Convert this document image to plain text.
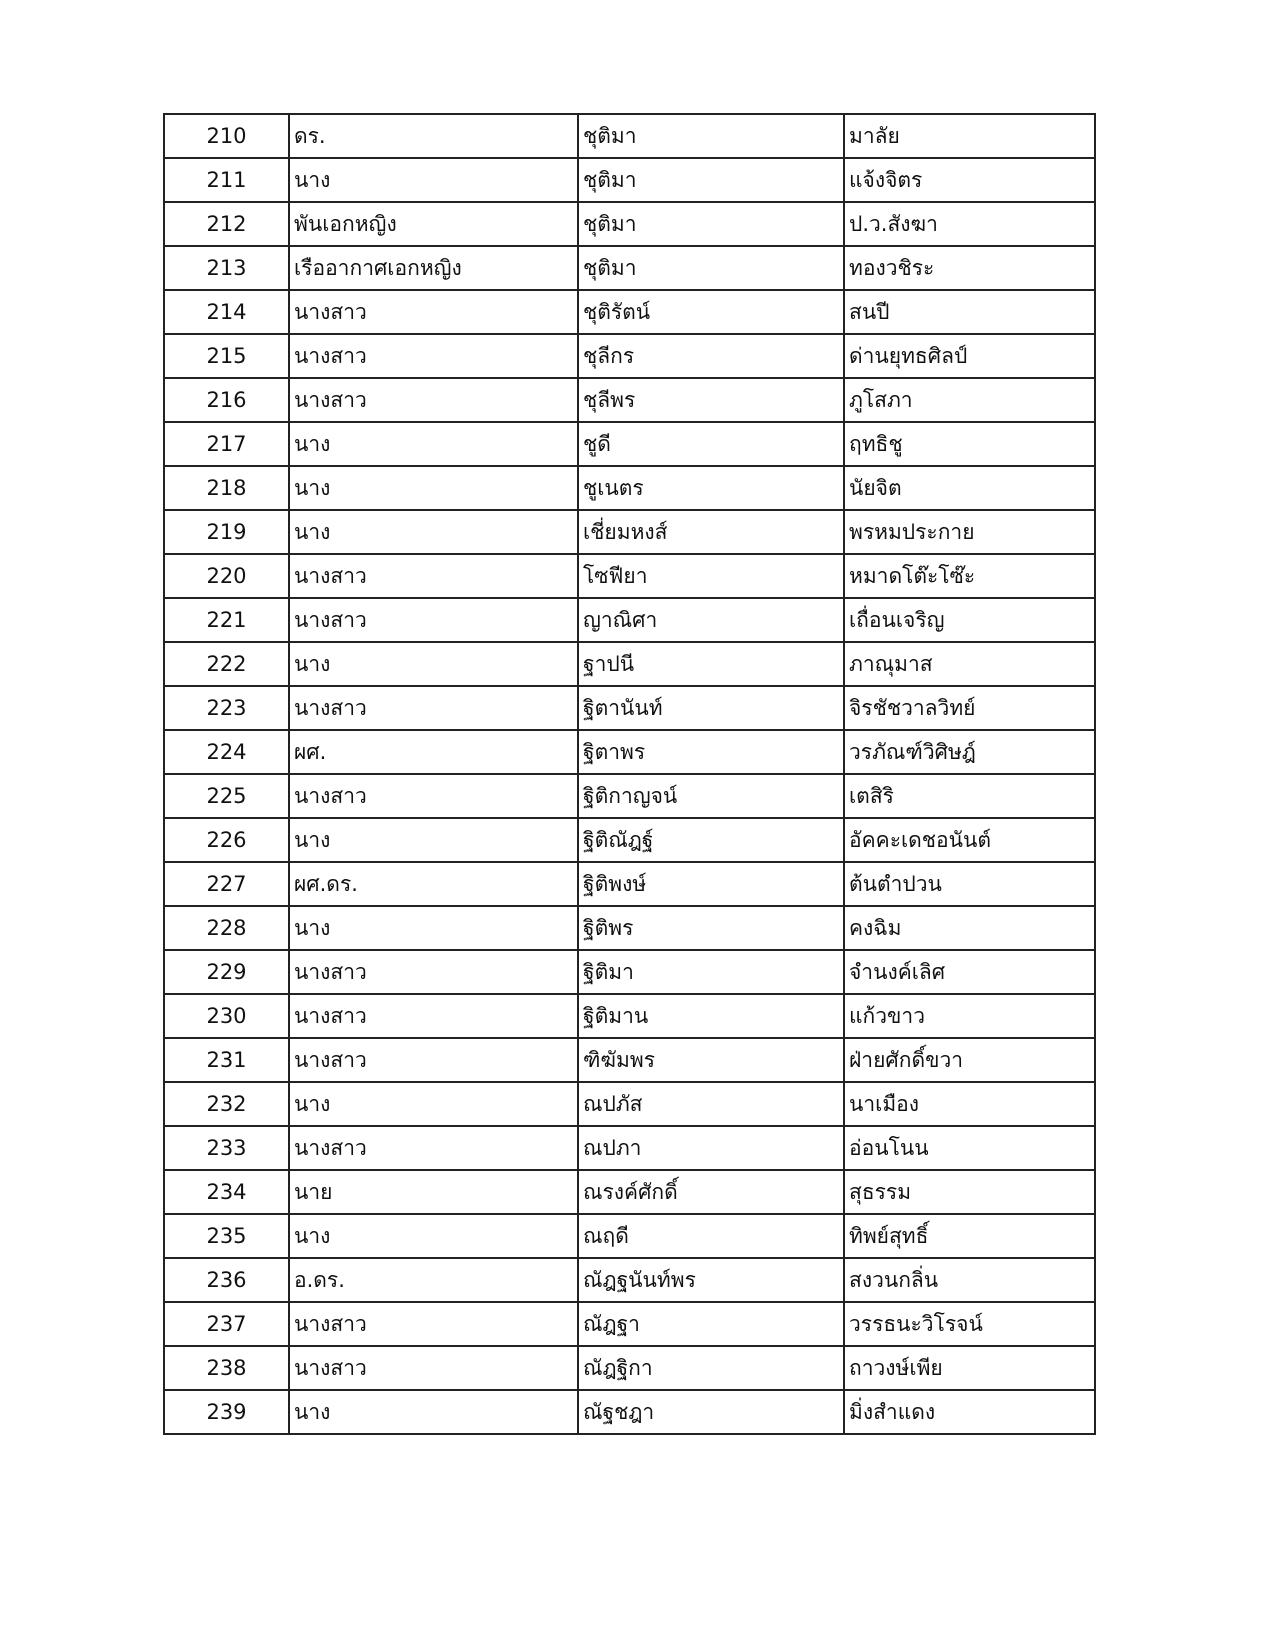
210	ดร.	ชุติมา	มาลัย
211	นาง	ชุติมา	แจ้งจิตร
212	พันเอกหญิง	ชุติมา	ป.ว.สังฆา
213	เรืออากาศเอกหญิง	ชุติมา	ทองวชิระ
214	นางสาว	ชุติรัตน์	สนปี
215	นางสาว	ชุลีกร	ด่านยุทธศิลป์
216	นางสาว	ชุลีพร	ภูโสภา
217	นาง	ชูดี	ฤทธิชู
218	นาง	ชูเนตร	นัยจิต
219	นาง	เชี่ยมหงส์	พรหมประกาย
220	นางสาว	โซฟียา	หมาดโต๊ะโซ๊ะ
221	นางสาว	ญาณิศา	เถื่อนเจริญ
222	นาง	ฐาปนี	ภาณุมาส
223	นางสาว	ฐิตานันท์	จิรชัชวาลวิทย์
224	ผศ.	ฐิตาพร	วรภัณฑ์วิศิษฎ์
225	นางสาว	ฐิติกาญจน์	เตสิริ
226	นาง	ฐิติณัฎฐ์	อัคคะเดชอนันต์
227	ผศ.ดร.	ฐิติพงษ์	ต้นตำปวน
228	นาง	ฐิติพร	คงฉิม
229	นางสาว	ฐิติมา	จำนงค์เลิศ
230	นางสาว	ฐิติมาน	แก้วขาว
231	นางสาว	ฑิฆัมพร	ฝ่ายศักดิ์ขวา
232	นาง	ณปภัส	นาเมือง
233	นางสาว	ณปภา	อ่อนโนน
234	นาย	ณรงค์ศักดิ์	สุธรรม
235	นาง	ณฤดี	ทิพย์สุทธิ์
236	อ.ดร.	ณัฎฐนันท์พร	สงวนกลิ่น
237	นางสาว	ณัฎฐา	วรรธนะวิโรจน์
238	นางสาว	ณัฎฐิกา	ถาวงษ์เพีย
239	นาง	ณัฐชฎา	มิ่งสำแดง
